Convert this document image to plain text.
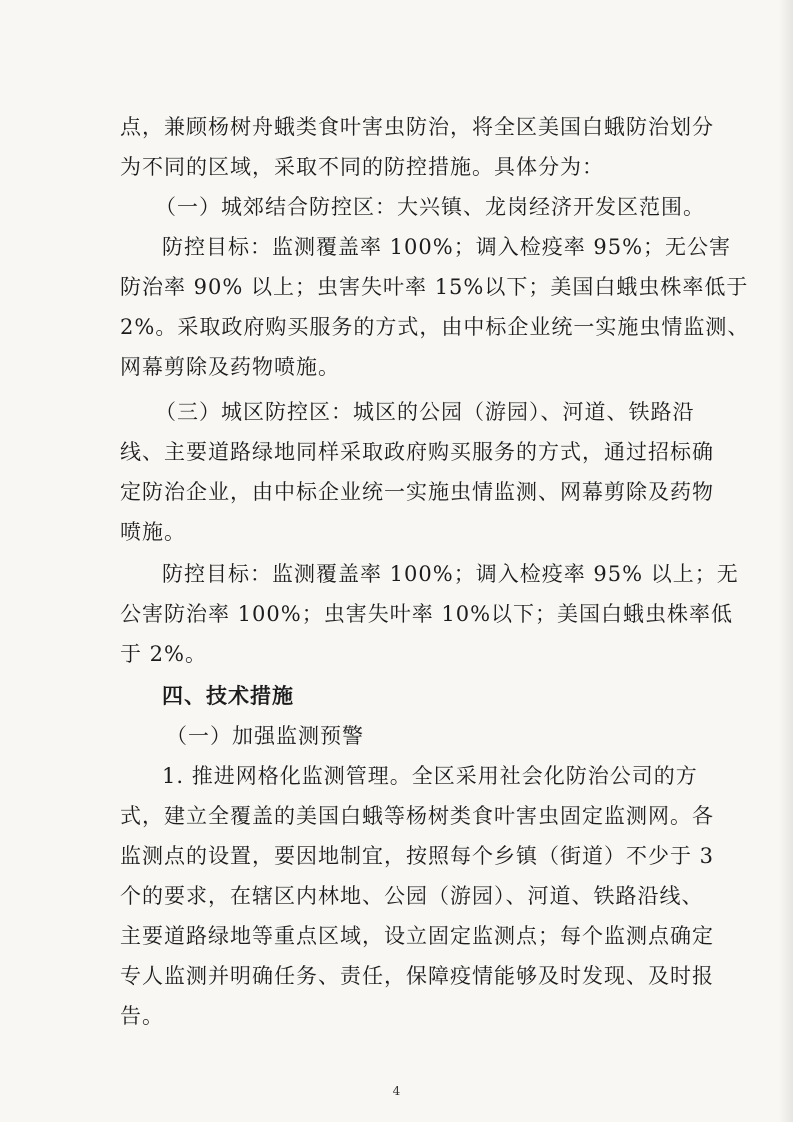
点，兼顾杨树舟蛾类食叶害虫防治，将全区美国白蛾防治划分
为不同的区域，采取不同的防控措施。具体分为：
（一）城郊结合防控区：大兴镇、龙岗经济开发区范围。
防控目标：监测覆盖率 100%；调入检疫率 95%；无公害
防治率 90% 以上；虫害失叶率 15%以下；美国白蛾虫株率低于
2%。采取政府购买服务的方式，由中标企业统一实施虫情监测、
网幕剪除及药物喷施。
（三）城区防控区：城区的公园（游园）、河道、铁路沿
线、主要道路绿地同样采取政府购买服务的方式，通过招标确
定防治企业，由中标企业统一实施虫情监测、网幕剪除及药物
喷施。
防控目标：监测覆盖率 100%；调入检疫率 95% 以上；无
公害防治率 100%；虫害失叶率 10%以下；美国白蛾虫株率低
于 2%。
四、技术措施
（一）加强监测预警
1. 推进网格化监测管理。全区采用社会化防治公司的方
式，建立全覆盖的美国白蛾等杨树类食叶害虫固定监测网。各
监测点的设置，要因地制宜，按照每个乡镇（街道）不少于 3
个的要求，在辖区内林地、公园（游园）、河道、铁路沿线、
主要道路绿地等重点区域，设立固定监测点；每个监测点确定
专人监测并明确任务、责任，保障疫情能够及时发现、及时报
告。
4
